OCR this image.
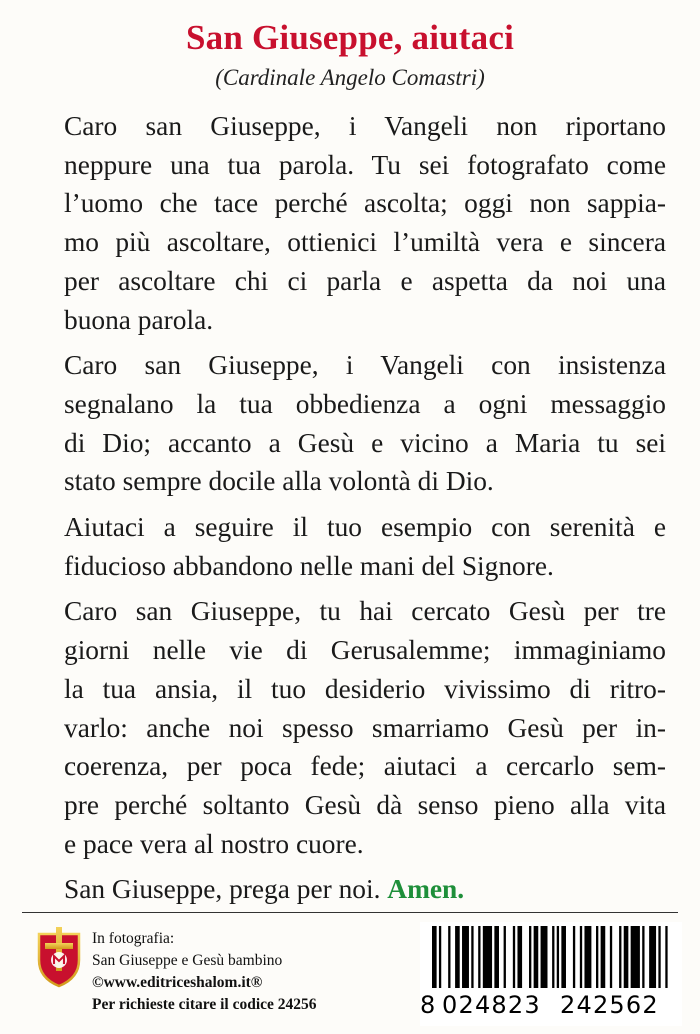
San Giuseppe, aiutaci
(Cardinale Angelo Comastri)

Caro san Giuseppe, i Vangeli non riportano
neppure una tua parola. Tu sei fotografato come
l’uomo che tace perché ascolta; oggi non sappia-
mo più ascoltare, ottienici l’umiltà vera e sincera
per ascoltare chi ci parla e aspetta da noi una
buona parola.

Caro san Giuseppe, i Vangeli con insistenza
segnalano la tua obbedienza a ogni messaggio
di Dio; accanto a Gesù e vicino a Maria tu sei
stato sempre docile alla volontà di Dio.

Aiutaci a seguire il tuo esempio con serenità e
fiducioso abbandono nelle mani del Signore.

Caro san Giuseppe, tu hai cercato Gesù per tre
giorni nelle vie di Gerusalemme; immaginiamo
la tua ansia, il tuo desiderio vivissimo di ritro-
varlo: anche noi spesso smarriamo Gesù per in-
coerenza, per poca fede; aiutaci a cercarlo sem-
pre perché soltanto Gesù dà senso pieno alla vita
e pace vera al nostro cuore.

San Giuseppe, prega per noi. Amen.

In fotografia:
San Giuseppe e Gesù bambino
©www.editriceshalom.it®
Per richieste citare il codice 24256	8 024823 242562
